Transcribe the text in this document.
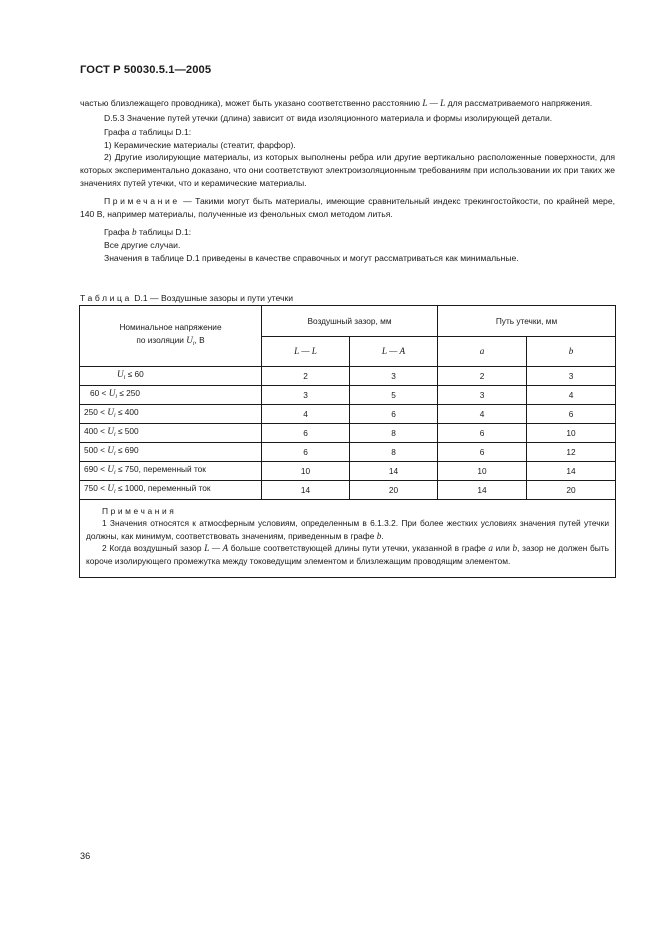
ГОСТ Р 50030.5.1—2005

частью близлежащего проводника), может быть указано соответственно расстоянию L — L для рассматриваемого напряжения.

D.5.3 Значение путей утечки (длина) зависит от вида изоляционного материала и формы изолирующей детали.

Графа a таблицы D.1:

1) Керамические материалы (стеатит, фарфор).

2) Другие изолирующие материалы, из которых выполнены ребра или другие вертикально расположенные поверхности, для которых экспериментально доказано, что они соответствуют электроизоляционным требованиям при использовании их при таких же значениях путей утечки, что и керамические материалы.

Примечание — Такими могут быть материалы, имеющие сравнительный индекс трекингостойкости, по крайней мере, 140 В, например материалы, полученные из фенольных смол методом литья.

Графа b таблицы D.1:

Все другие случаи.

Значения в таблице D.1 приведены в качестве справочных и могут рассматриваться как минимальные.

Таблица D.1 — Воздушные зазоры и пути утечки
Номинальное напряжение
по изоляции $U_i$, В	Воздушный зазор, мм		Путь утечки, мм	
	L — L	L — A	a	b
$U_i \le 60$	2	3	2	3
$60 < U_i \le 250$	3	5	3	4
$250 < U_i \le 400$	4	6	4	6
$400 < U_i \le 500$	6	8	6	10
$500 < U_i \le 690$	6	8	6	12
$690 < U_i \le 750$, переменный ток	10	14	10	14
$750 < U_i \le 1000$, переменный ток	14	20	14	20

Примечания

1 Значения относятся к атмосферным условиям, определенным в 6.1.3.2. При более жестких условиях значения путей утечки должны, как минимум, соответствовать значениям, приведенным в графе b.

2 Когда воздушный зазор L — A больше соответствующей длины пути утечки, указанной в графе a или b, зазор не должен быть короче изолирующего промежутка между токоведущим элементом и близлежащим проводящим элементом.				

36
